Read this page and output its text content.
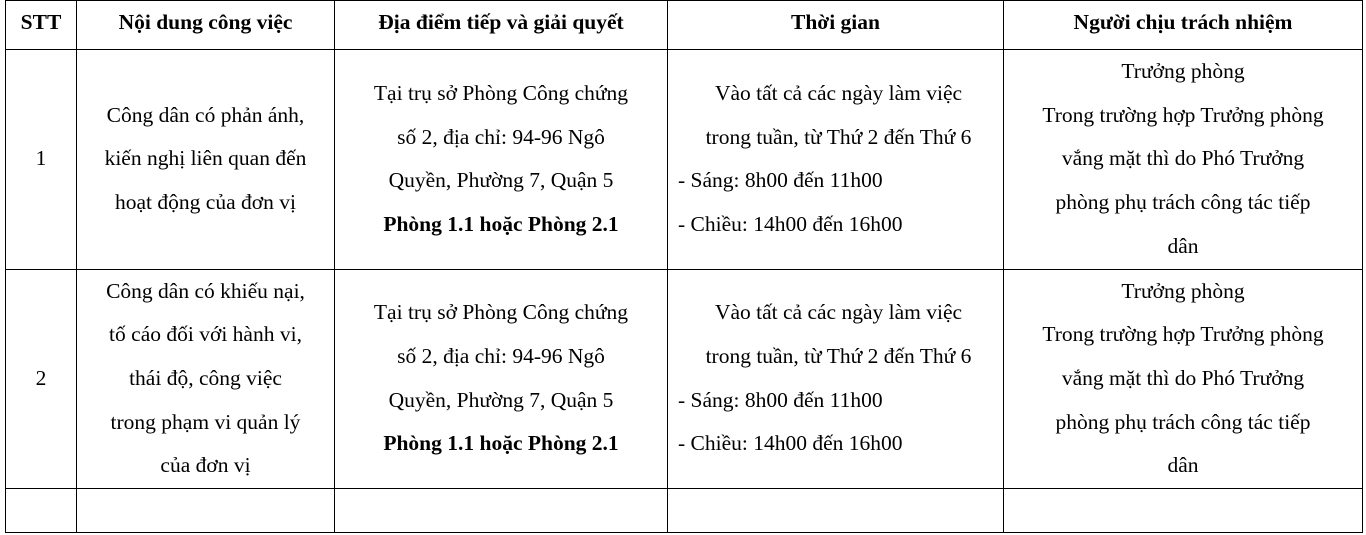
STT	Nội dung công việc	Địa điểm tiếp và giải quyết	Thời gian	Người chịu trách nhiệm
1	Công dân có phản ánh,
kiến nghị liên quan đến
hoạt động của đơn vị	Tại trụ sở Phòng Công chứng
số 2, địa chỉ: 94-96 Ngô
Quyền, Phường 7, Quận 5
Phòng 1.1 hoặc Phòng 2.1	Vào tất cả các ngày làm việc
trong tuần, từ Thứ 2 đến Thứ 6
- Sáng: 8h00 đến 11h00
- Chiều: 14h00 đến 16h00	Trưởng phòng
Trong trường hợp Trưởng phòng
vắng mặt thì do Phó Trưởng
phòng phụ trách công tác tiếp
dân

2	Công dân có khiếu nại,
tố cáo đối với hành vi,
thái độ, công việc
trong phạm vi quản lý
của đơn vị	Tại trụ sở Phòng Công chứng
số 2, địa chỉ: 94-96 Ngô
Quyền, Phường 7, Quận 5
Phòng 1.1 hoặc Phòng 2.1	Vào tất cả các ngày làm việc
trong tuần, từ Thứ 2 đến Thứ 6
- Sáng: 8h00 đến 11h00
- Chiều: 14h00 đến 16h00	Trưởng phòng
Trong trường hợp Trưởng phòng
vắng mặt thì do Phó Trưởng
phòng phụ trách công tác tiếp
dân
